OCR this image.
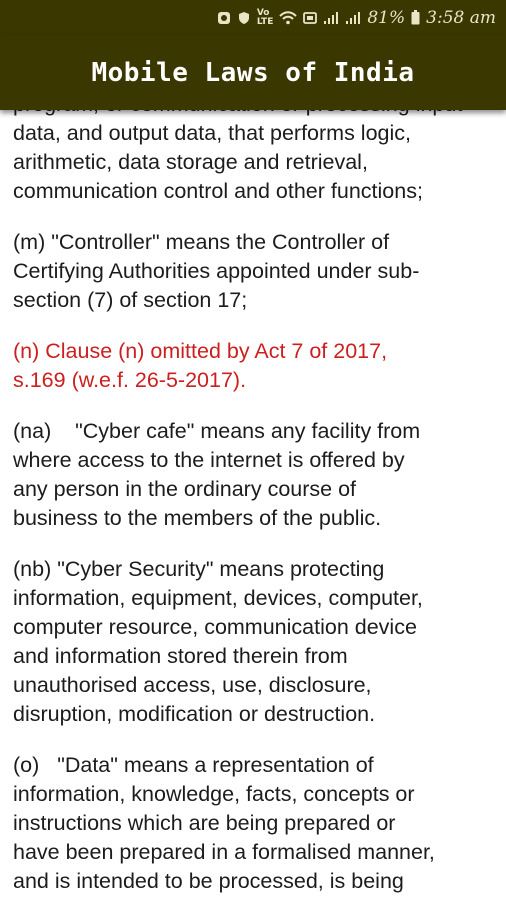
Vo
LTE	81% 3:58 am
Mobile Laws of India

data, and output data, that performs logic,
arithmetic, data storage and retrieval,
communication control and other functions;

(m) "Controller" means the Controller of
Certifying Authorities appointed under sub-
section (7) of section 17;

(n) Clause (n) omitted by Act 7 of 2017,
s.169 (w.e.f. 26-5-2017).

(na)    "Cyber cafe" means any facility from
where access to the internet is offered by
any person in the ordinary course of
business to the members of the public.

(nb) "Cyber Security" means protecting
information, equipment, devices, computer,
computer resource, communication device
and information stored therein from
unauthorised access, use, disclosure,
disruption, modification or destruction.

(o)   "Data" means a representation of
information, knowledge, facts, concepts or
instructions which are being prepared or
have been prepared in a formalised manner,
and is intended to be processed, is being
